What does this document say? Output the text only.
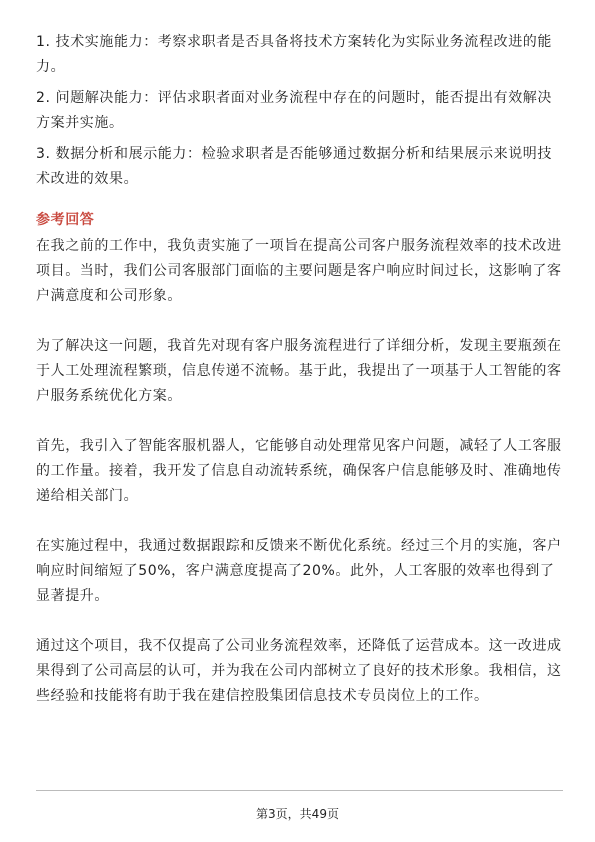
1. 技术实施能力：考察求职者是否具备将技术方案转化为实际业务流程改进的能力。

2. 问题解决能力：评估求职者面对业务流程中存在的问题时，能否提出有效解决方案并实施。

3. 数据分析和展示能力：检验求职者是否能够通过数据分析和结果展示来说明技术改进的效果。

参考回答

在我之前的工作中，我负责实施了一项旨在提高公司客户服务流程效率的技术改进项目。当时，我们公司客服部门面临的主要问题是客户响应时间过长，这影响了客户满意度和公司形象。

为了解决这一问题，我首先对现有客户服务流程进行了详细分析，发现主要瓶颈在于人工处理流程繁琐，信息传递不流畅。基于此，我提出了一项基于人工智能的客户服务系统优化方案。

首先，我引入了智能客服机器人，它能够自动处理常见客户问题，减轻了人工客服的工作量。接着，我开发了信息自动流转系统，确保客户信息能够及时、准确地传递给相关部门。

在实施过程中，我通过数据跟踪和反馈来不断优化系统。经过三个月的实施，客户响应时间缩短了50%，客户满意度提高了20%。此外，人工客服的效率也得到了显著提升。

通过这个项目，我不仅提高了公司业务流程效率，还降低了运营成本。这一改进成果得到了公司高层的认可，并为我在公司内部树立了良好的技术形象。我相信，这些经验和技能将有助于我在建信控股集团信息技术专员岗位上的工作。

第3页，共49页
